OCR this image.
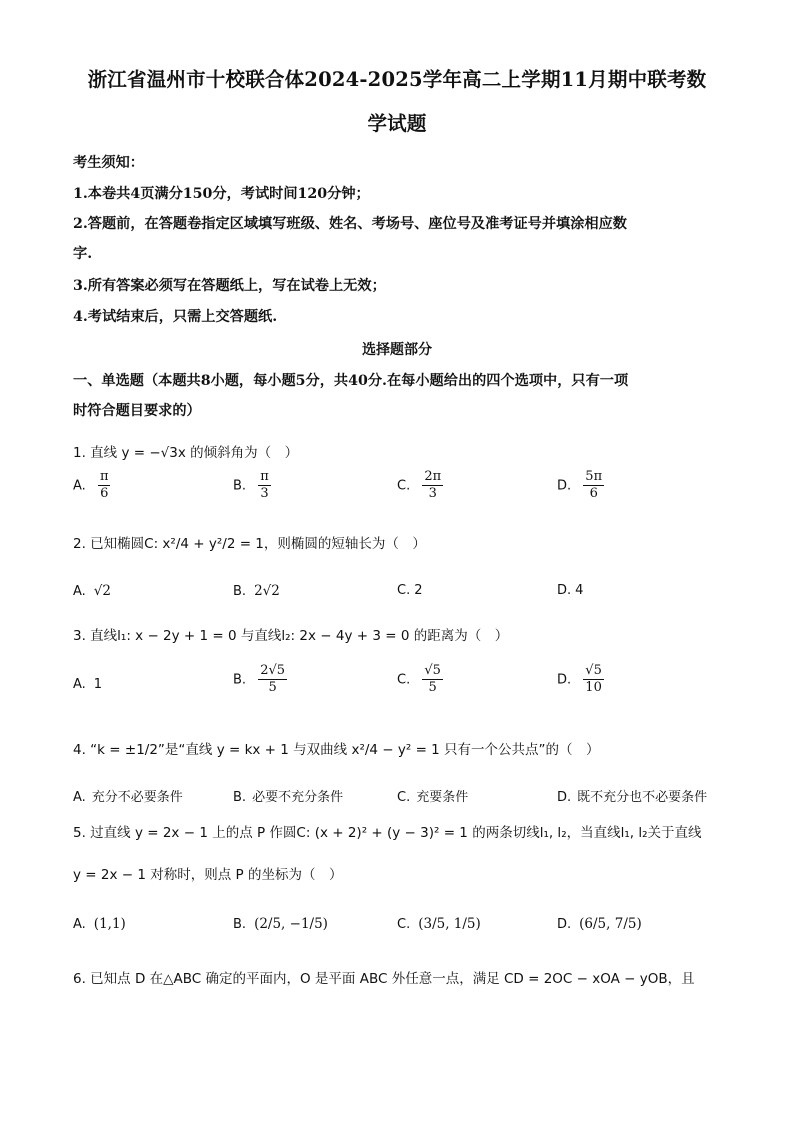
浙江省温州市十校联合体2024-2025学年高二上学期11月期中联考数
学试题
考生须知：
1.本卷共4页满分150分，考试时间120分钟；
2.答题前，在答题卷指定区域填写班级、姓名、考场号、座位号及准考证号并填涂相应数
字.
3.所有答案必须写在答题纸上，写在试卷上无效；
4.考试结束后，只需上交答题纸.
选择题部分
一、单选题（本题共8小题，每小题5分，共40分.在每小题给出的四个选项中，只有一项
时符合题目要求的）
1. 直线 y = −√3x 的倾斜角为（　）
A. $\frac{\pi}{6}$	B. $\frac{\pi}{3}$	C. $\frac{2\pi}{3}$	D. $\frac{5\pi}{6}$
2. 已知椭圆C: x²/4 + y²/2 = 1，则椭圆的短轴长为（　）
A. √2	B. 2√2	C. 2	D. 4
3. 直线l₁: x − 2y + 1 = 0 与直线l₂: 2x − 4y + 3 = 0 的距离为（　）
A. 1	B. $\frac{2√5}{5}$	C. $\frac{√5}{5}$	D. $\frac{√5}{10}$
4. “k = ±1/2”是“直线 y = kx + 1 与双曲线 x²/4 − y² = 1 只有一个公共点”的（　）
A. 充分不必要条件	B. 必要不充分条件	C. 充要条件	D. 既不充分也不必要条件
5. 过直线 y = 2x − 1 上的点 P 作圆C: (x + 2)² + (y − 3)² = 1 的两条切线l₁, l₂，当直线l₁, l₂关于直线
y = 2x − 1 对称时，则点 P 的坐标为（　）
A. (1,1)	B. (2/5, −1/5)	C. (3/5, 1/5)	D. (6/5, 7/5)
6. 已知点 D 在△ABC 确定的平面内，O 是平面 ABC 外任意一点，满足 CD = 2OC − xOA − yOB，且
